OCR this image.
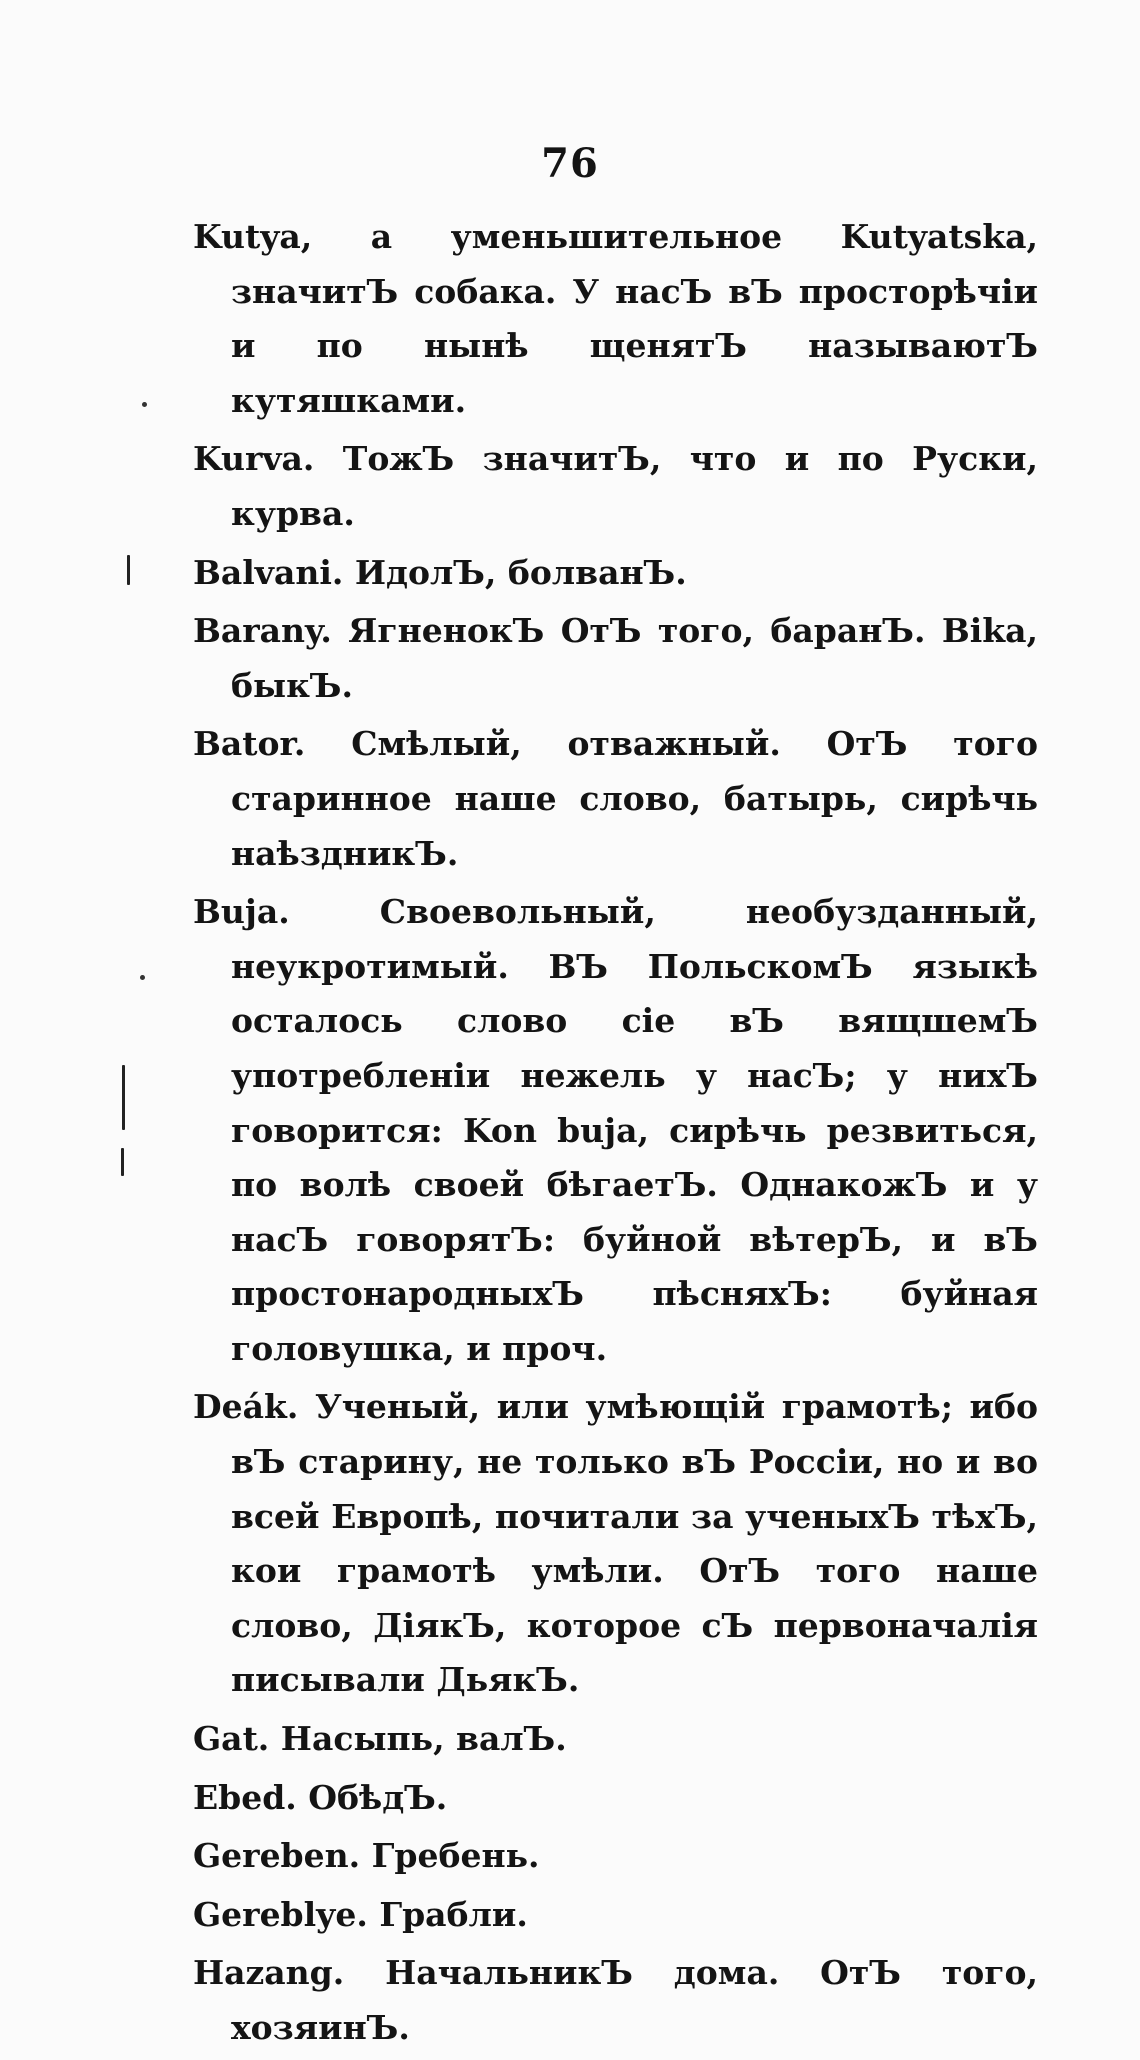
76

Kutya, а уменьшительное Kutyatska, значитЪ собака. У насЪ вЪ просторѣчіи и по нынѣ щенятЪ называютЪ кутяшками.

Kurva. ТожЪ значитЪ, что и по Руски, курва.

Balvani. ИдолЪ, болванЪ.

Barany. ЯгненокЪ ОтЪ того, баранЪ. Bika, быкЪ.

Bator. Смѣлый, отважный. ОтЪ того старинное наше слово, батырь, сирѣчь наѣздникЪ.

Buja. Своевольный, необузданный, неукротимый. ВЪ ПольскомЪ языкѣ осталось слово сіе вЪ вящшемЪ употребленіи нежель у насЪ; у нихЪ говорится: Kon buja, сирѣчь резвиться, по волѣ своей бѣгаетЪ. ОднакожЪ и у насЪ говорятЪ: буйной вѣтерЪ, и вЪ простонародныхЪ пѣсняхЪ: буйная головушка, и проч.

Deák. Ученый, или умѣющій грамотѣ; ибо вЪ старину, не только вЪ Россіи, но и во всей Европѣ, почитали за ученыхЪ тѣхЪ, кои грамотѣ умѣли. ОтЪ того наше слово, ДіякЪ, которое сЪ первоначалія писывали ДьякЪ.

Gat. Насыпь, валЪ.

Ebed. ОбѣдЪ.

Gereben. Гребень.

Gereblye. Грабли.

Hazang. НачальникЪ дома. ОтЪ того, хозяинЪ.
